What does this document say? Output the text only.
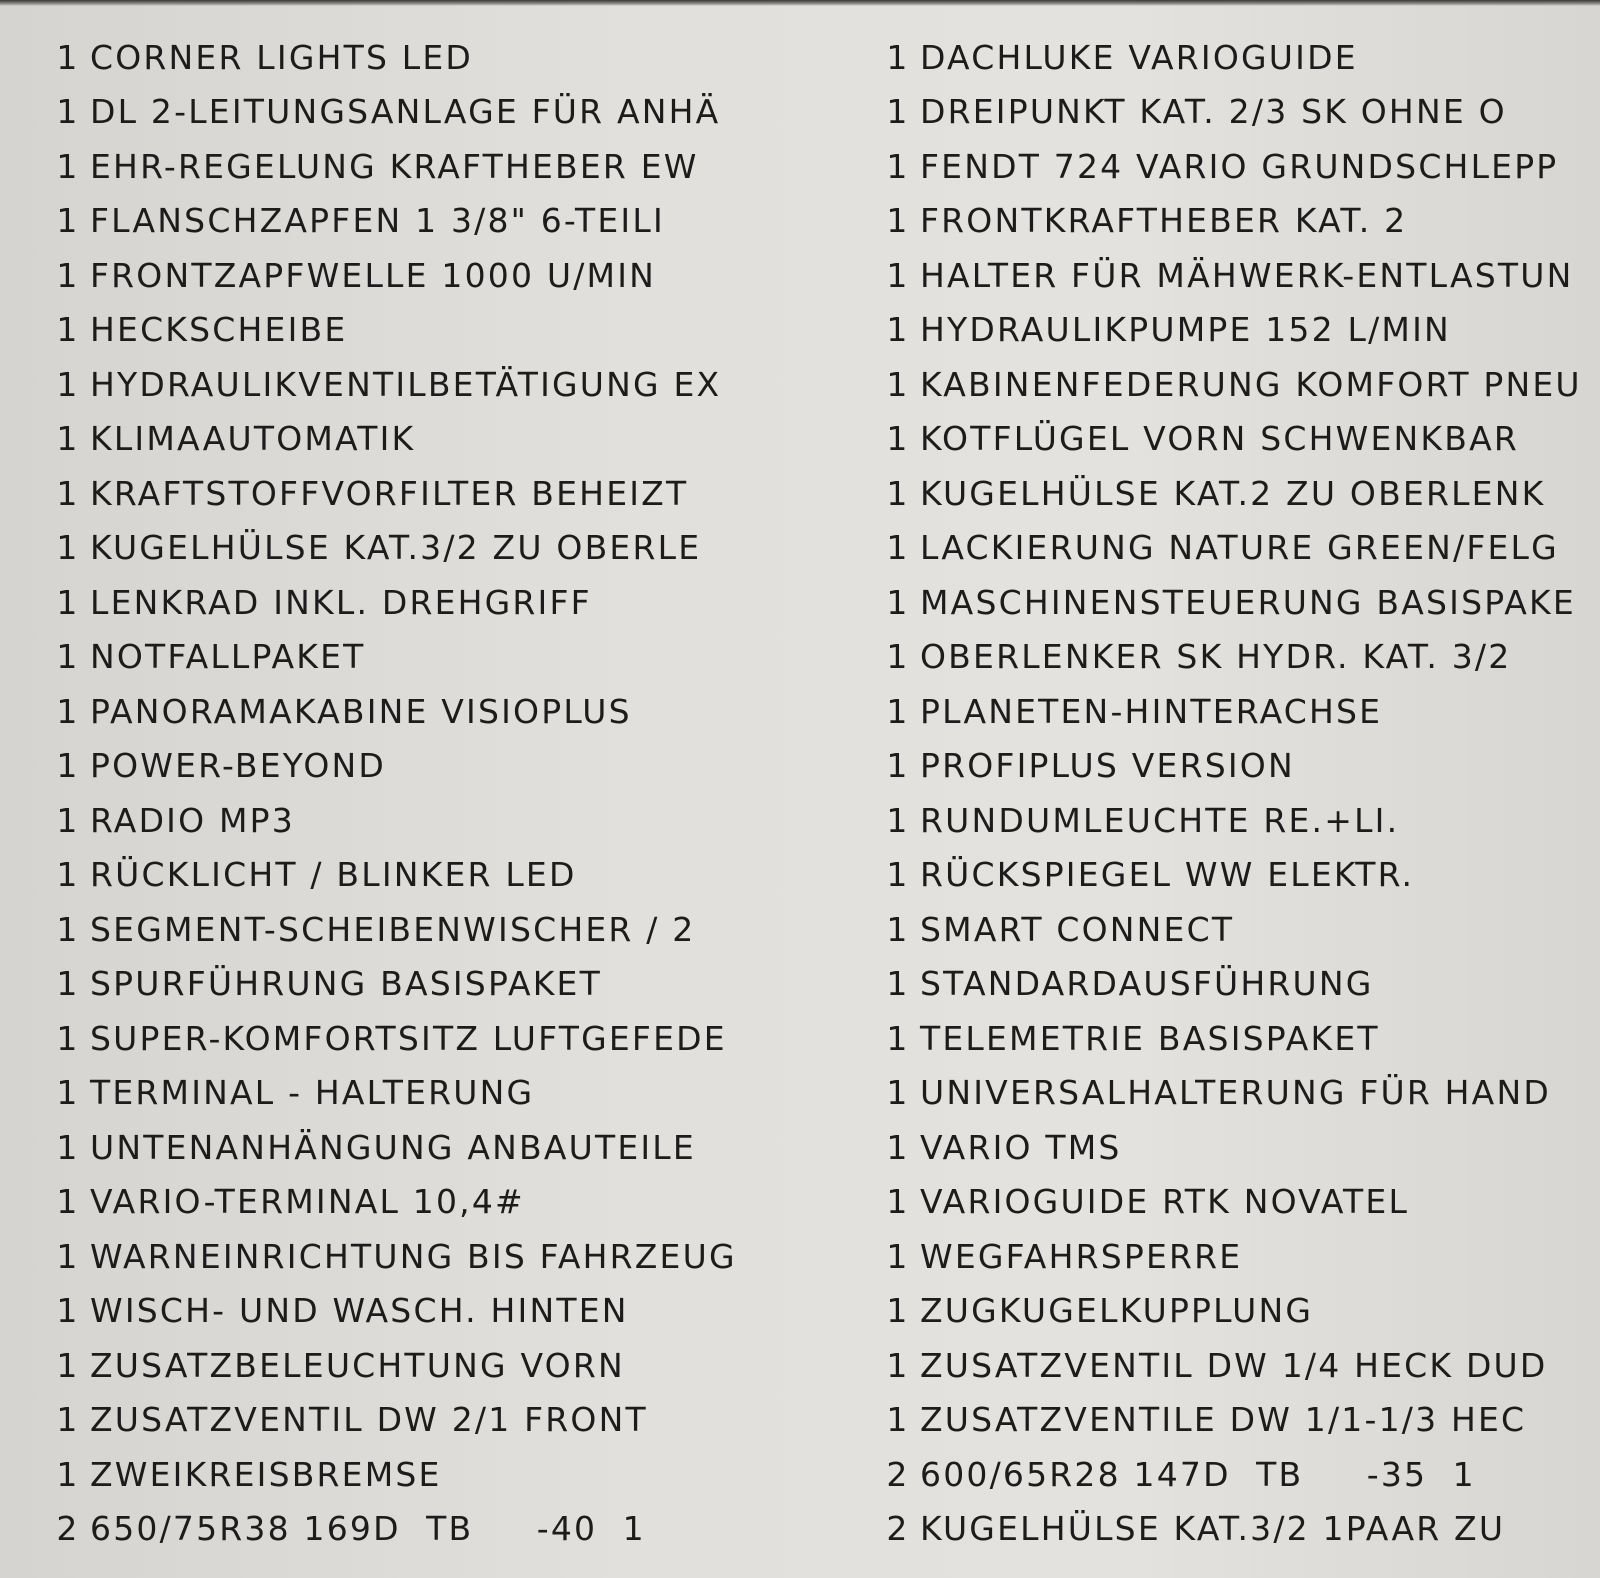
1 CORNER LIGHTS LED
1 DL 2-LEITUNGSANLAGE FÜR ANHÄ
1 EHR-REGELUNG KRAFTHEBER EW
1 FLANSCHZAPFEN 1 3/8" 6-TEILI
1 FRONTZAPFWELLE 1000 U/MIN
1 HECKSCHEIBE
1 HYDRAULIKVENTILBETÄTIGUNG EX
1 KLIMAAUTOMATIK
1 KRAFTSTOFFVORFILTER BEHEIZT
1 KUGELHÜLSE KAT.3/2 ZU OBERLE
1 LENKRAD INKL. DREHGRIFF
1 NOTFALLPAKET
1 PANORAMAKABINE VISIOPLUS
1 POWER-BEYOND
1 RADIO MP3
1 RÜCKLICHT / BLINKER LED
1 SEGMENT-SCHEIBENWISCHER / 2
1 SPURFÜHRUNG BASISPAKET
1 SUPER-KOMFORTSITZ LUFTGEFEDE
1 TERMINAL - HALTERUNG
1 UNTENANHÄNGUNG ANBAUTEILE
1 VARIO-TERMINAL 10,4#
1 WARNEINRICHTUNG BIS FAHRZEUG
1 WISCH- UND WASCH. HINTEN
1 ZUSATZBELEUCHTUNG VORN
1 ZUSATZVENTIL DW 2/1 FRONT
1 ZWEIKREISBREMSE
2 650/75R38 169D  TB     -40  1
1 DACHLUKE VARIOGUIDE
1 DREIPUNKT KAT. 2/3 SK OHNE O
1 FENDT 724 VARIO GRUNDSCHLEPP
1 FRONTKRAFTHEBER KAT. 2
1 HALTER FÜR MÄHWERK-ENTLASTUN
1 HYDRAULIKPUMPE 152 L/MIN
1 KABINENFEDERUNG KOMFORT PNEU
1 KOTFLÜGEL VORN SCHWENKBAR
1 KUGELHÜLSE KAT.2 ZU OBERLENK
1 LACKIERUNG NATURE GREEN/FELG
1 MASCHINENSTEUERUNG BASISPAKE
1 OBERLENKER SK HYDR. KAT. 3/2
1 PLANETEN-HINTERACHSE
1 PROFIPLUS VERSION
1 RUNDUMLEUCHTE RE.+LI.
1 RÜCKSPIEGEL WW ELEKTR.
1 SMART CONNECT
1 STANDARDAUSFÜHRUNG
1 TELEMETRIE BASISPAKET
1 UNIVERSALHALTERUNG FÜR HAND
1 VARIO TMS
1 VARIOGUIDE RTK NOVATEL
1 WEGFAHRSPERRE
1 ZUGKUGELKUPPLUNG
1 ZUSATZVENTIL DW 1/4 HECK DUD
1 ZUSATZVENTILE DW 1/1-1/3 HEC
2 600/65R28 147D  TB     -35  1
2 KUGELHÜLSE KAT.3/2 1PAAR ZU
